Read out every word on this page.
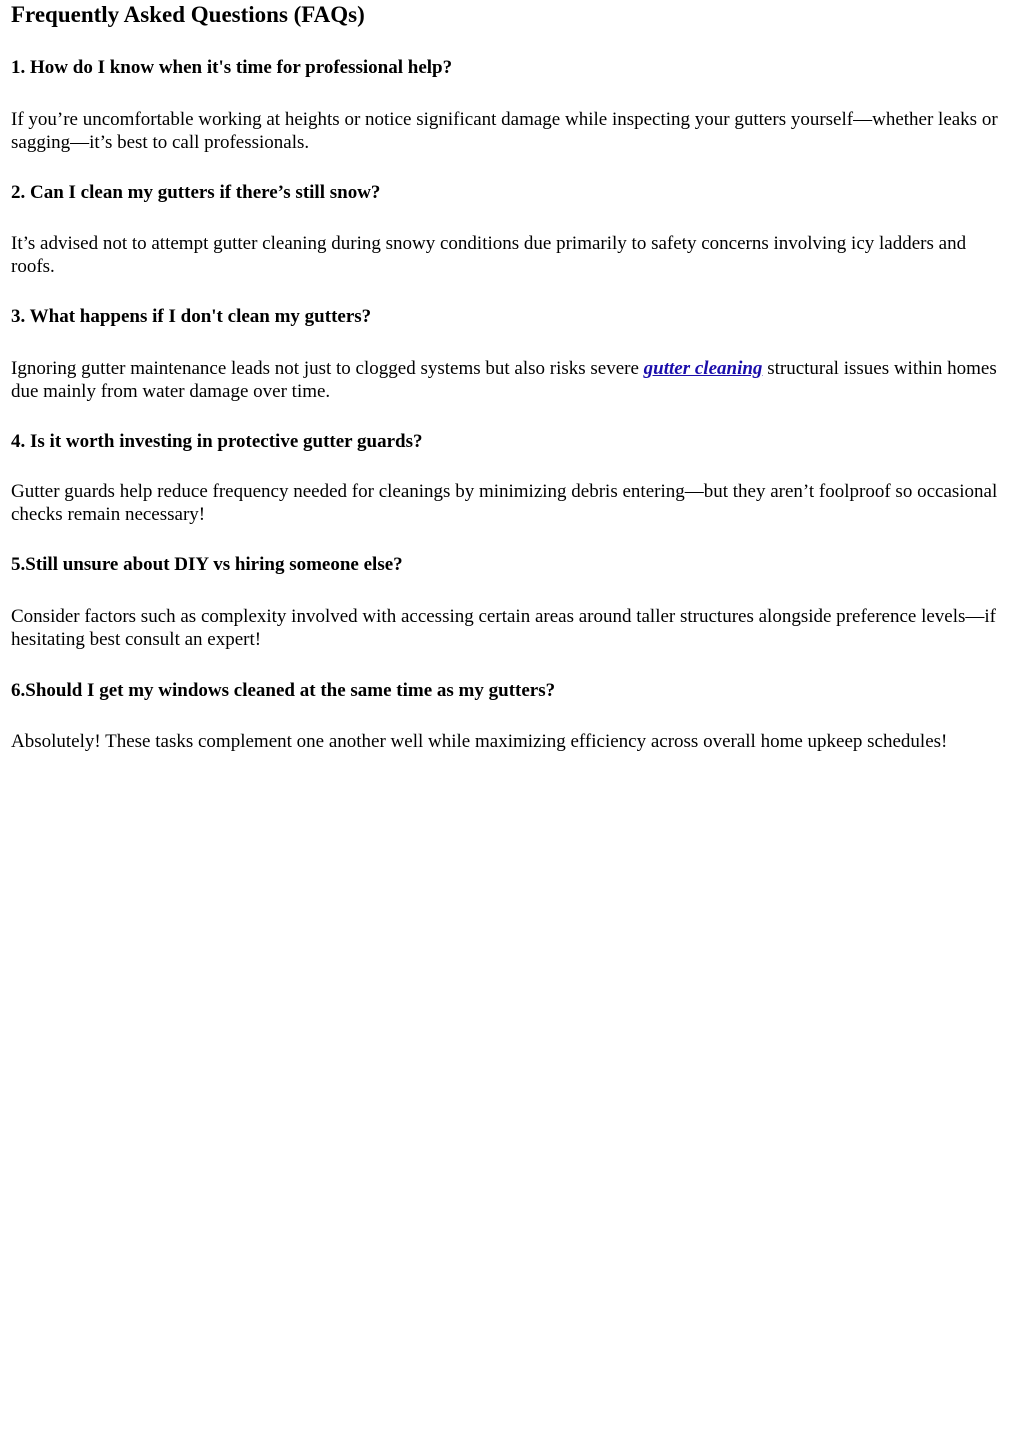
Frequently Asked Questions (FAQs)
1. How do I know when it's time for professional help?

If you’re uncomfortable working at heights or notice significant damage while inspecting your gutters yourself—whether leaks or sagging—it’s best to call professionals.

2. Can I clean my gutters if there’s still snow?

It’s advised not to attempt gutter cleaning during snowy conditions due primarily to safety concerns involving icy ladders and roofs.

3. What happens if I don't clean my gutters?

Ignoring gutter maintenance leads not just to clogged systems but also risks severe gutter cleaning structural issues within homes due mainly from water damage over time.

4. Is it worth investing in protective gutter guards?

Gutter guards help reduce frequency needed for cleanings by minimizing debris entering—but they aren’t foolproof so occasional checks remain necessary!

5.Still unsure about DIY vs hiring someone else?

Consider factors such as complexity involved with accessing certain areas around taller structures alongside preference levels—if hesitating best consult an expert!

6.Should I get my windows cleaned at the same time as my gutters?

Absolutely! These tasks complement one another well while maximizing efficiency across overall home upkeep schedules!
